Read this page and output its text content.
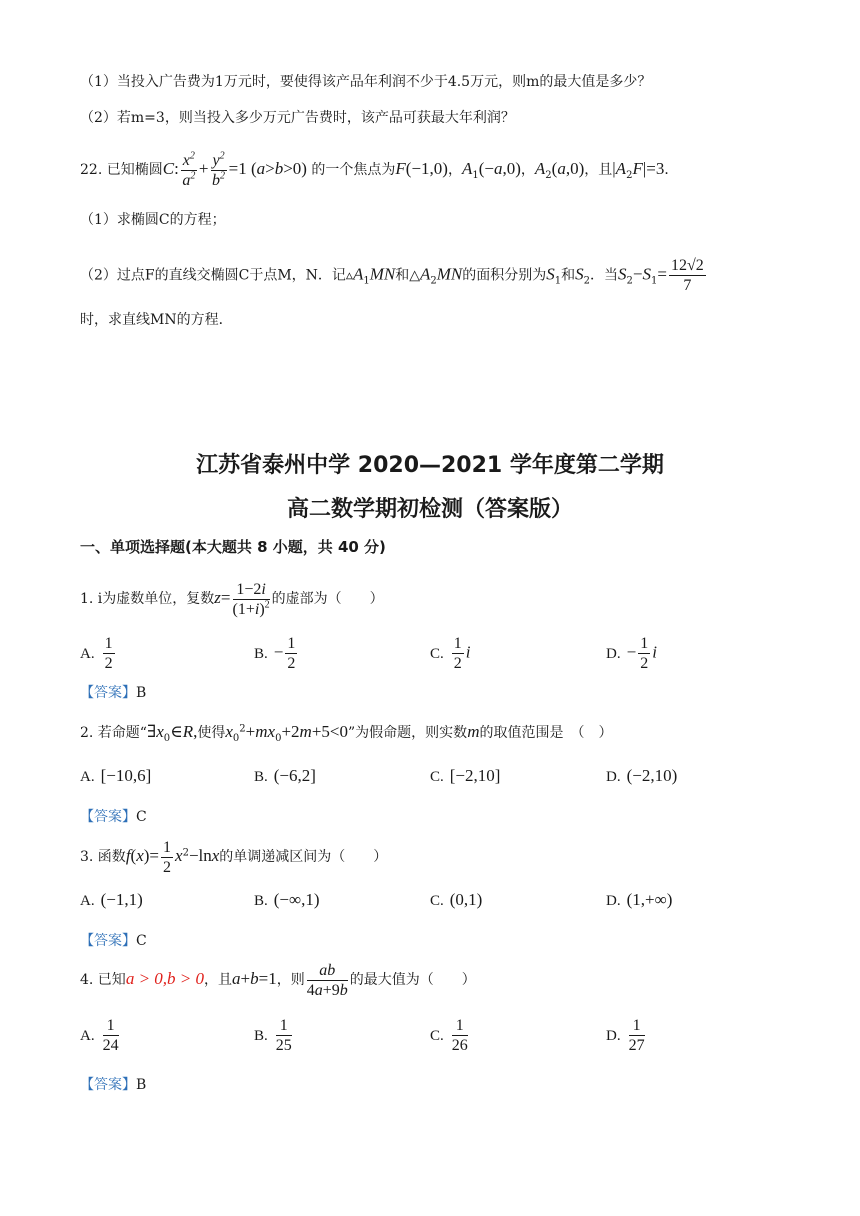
（1）当投入广告费为1万元时，要使得该产品年利润不少于4.5万元，则m的最大值是多少？
（2）若m=3，则当投入多少万元广告费时，该产品可获最大年利润？
22. 已知椭圆C: $\frac{x^2}{a^2} + \frac{y^2}{b^2} =1$ (a>b>0) 的一个焦点为F(−1,0)，$A_1(-a,0)$，$A_2(a,0)$，且$|A_2F|=3$．
（1）求椭圆C的方程；
（2）过点F的直线交椭圆C于点M，N．记$▵A_1MN$和$\triangle A_2MN$的面积分别为$S_1$和$S_2$．当$S_2-S_1= \frac{12√2}{7}$
时，求直线MN的方程．
江苏省泰州中学 2020—2021 学年度第二学期
高二数学期初检测（答案版）
一、单项选择题(本大题共 8 小题，共 40 分)
1. i为虚数单位，复数$z= \frac{1-2i}{(1+i)^2}$ 的虚部为（　　）
A. $\frac{1}{2}$	B. − $\frac{1}{2}$	C. $\frac{1}{2}$ i	D. − $\frac{1}{2}$ i
【答案】B
2. 若命题“$\exists x_0\in R$,使得$x_0^2+mx_0+2m+5<0$”为假命题，则实数m的取值范围是　（　）
A. [−10,6]	B. (−6,2]	C. [−2,10]	D. (−2,10)
【答案】C
3. 函数$f(x)= \frac{1}{2} x^2-\ln x$的单调递减区间为（　　）
A. (−1,1)	B. (−∞,1)	C. (0,1)	D. (1,+∞)
【答案】C
4. 已知a > 0,b > 0，且a+b=1，则 $\frac{ab}{4a+9b}$ 的最大值为（　　）
A. $\frac{1}{24}$	B. $\frac{1}{25}$	C. $\frac{1}{26}$	D. $\frac{1}{27}$
【答案】B
